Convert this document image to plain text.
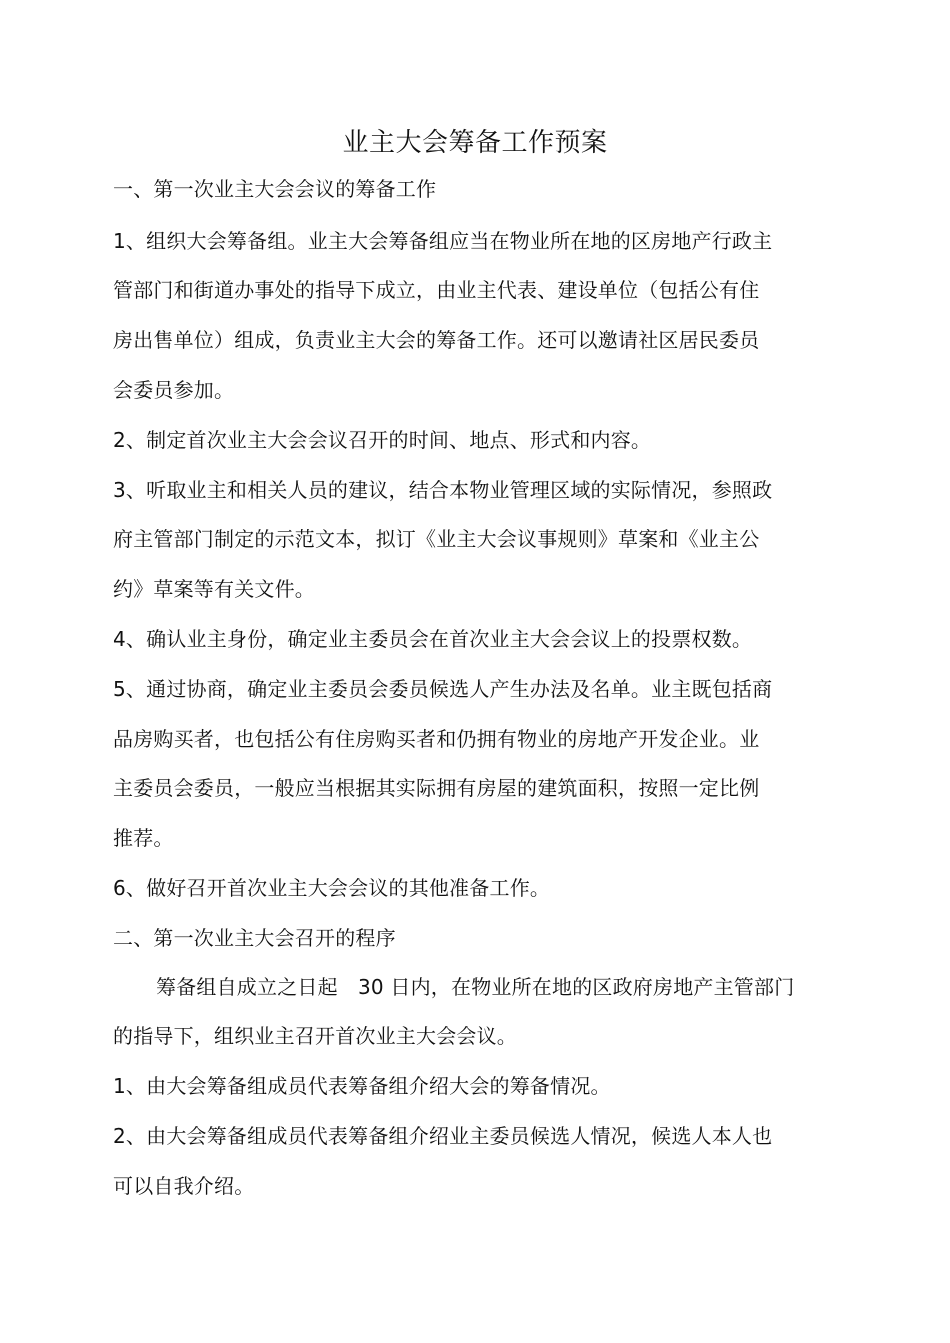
业主大会筹备工作预案
一、第一次业主大会会议的筹备工作
1、组织大会筹备组。业主大会筹备组应当在物业所在地的区房地产行政主
管部门和街道办事处的指导下成立，由业主代表、建设单位（包括公有住
房出售单位）组成，负责业主大会的筹备工作。还可以邀请社区居民委员
会委员参加。
2、制定首次业主大会会议召开的时间、地点、形式和内容。
3、听取业主和相关人员的建议，结合本物业管理区域的实际情况，参照政
府主管部门制定的示范文本，拟订《业主大会议事规则》草案和《业主公
约》草案等有关文件。
4、确认业主身份，确定业主委员会在首次业主大会会议上的投票权数。
5、通过协商，确定业主委员会委员候选人产生办法及名单。业主既包括商
品房购买者，也包括公有住房购买者和仍拥有物业的房地产开发企业。业
主委员会委员，一般应当根据其实际拥有房屋的建筑面积，按照一定比例
推荐。
6、做好召开首次业主大会会议的其他准备工作。
二、第一次业主大会召开的程序
筹备组自成立之日起　30 日内，在物业所在地的区政府房地产主管部门
的指导下，组织业主召开首次业主大会会议。
1、由大会筹备组成员代表筹备组介绍大会的筹备情况。
2、由大会筹备组成员代表筹备组介绍业主委员候选人情况，候选人本人也
可以自我介绍。
